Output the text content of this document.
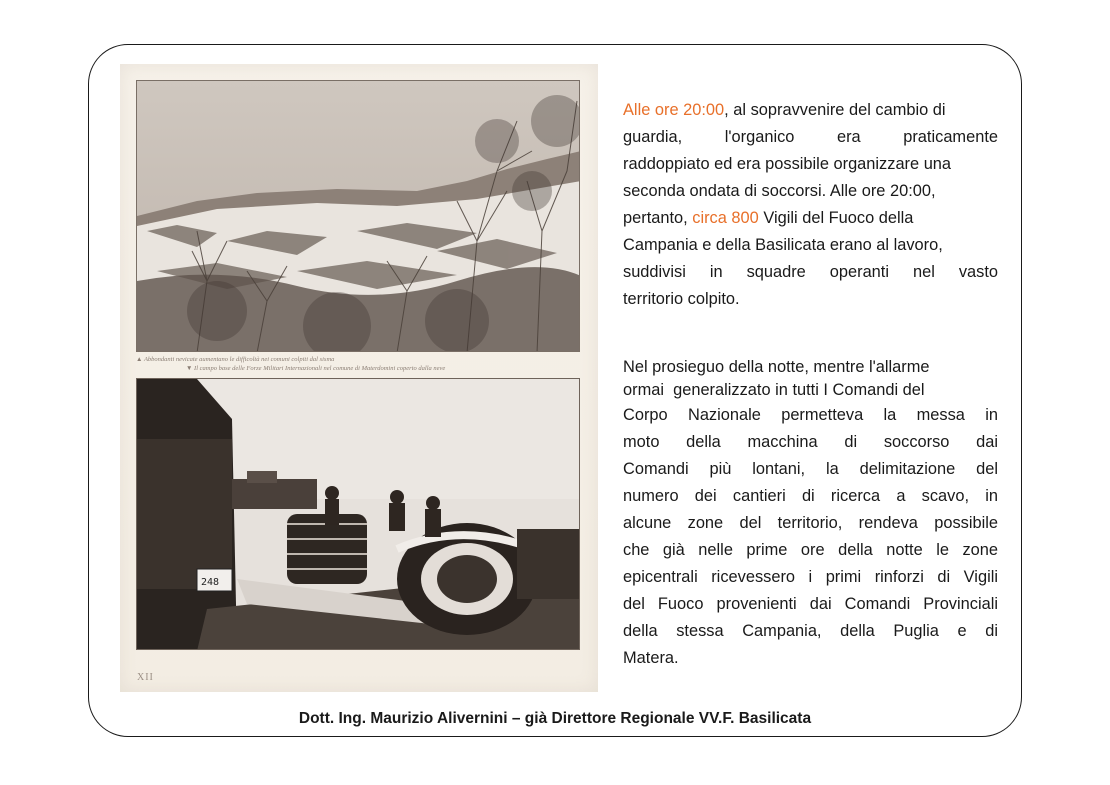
▲ Abbondanti nevicate aumentano le difficoltà nei comuni colpiti dal sisma
▼ Il campo base delle Forze Militari Internazionali nel comune di Materdomini coperto dalla neve
248
XII
Alle ore 20:00 , al sopravvenire del cambio di
guardia,	l'organico	era	praticamente
raddoppiato ed era possibile organizzare una
seconda ondata di soccorsi. Alle ore 20:00,
pertanto, circa 800 Vigili del Fuoco della
Campania e della Basilicata erano al lavoro,
suddivisi in squadre operanti nel vasto
territorio colpito.
Nel prosieguo della notte, mentre l'allarme
ormai  generalizzato in tutti I Comandi del
Corpo Nazionale permetteva la messa in
moto della macchina di soccorso dai
Comandi più lontani, la delimitazione del
numero dei cantieri di ricerca a scavo, in
alcune zone del territorio, rendeva possibile
che già nelle prime ore della notte le zone
epicentrali ricevessero i primi rinforzi di Vigili
del Fuoco provenienti dai Comandi Provinciali
della stessa Campania, della Puglia e di
Matera.
Dott. Ing. Maurizio Alivernini – già Direttore Regionale VV.F. Basilicata
